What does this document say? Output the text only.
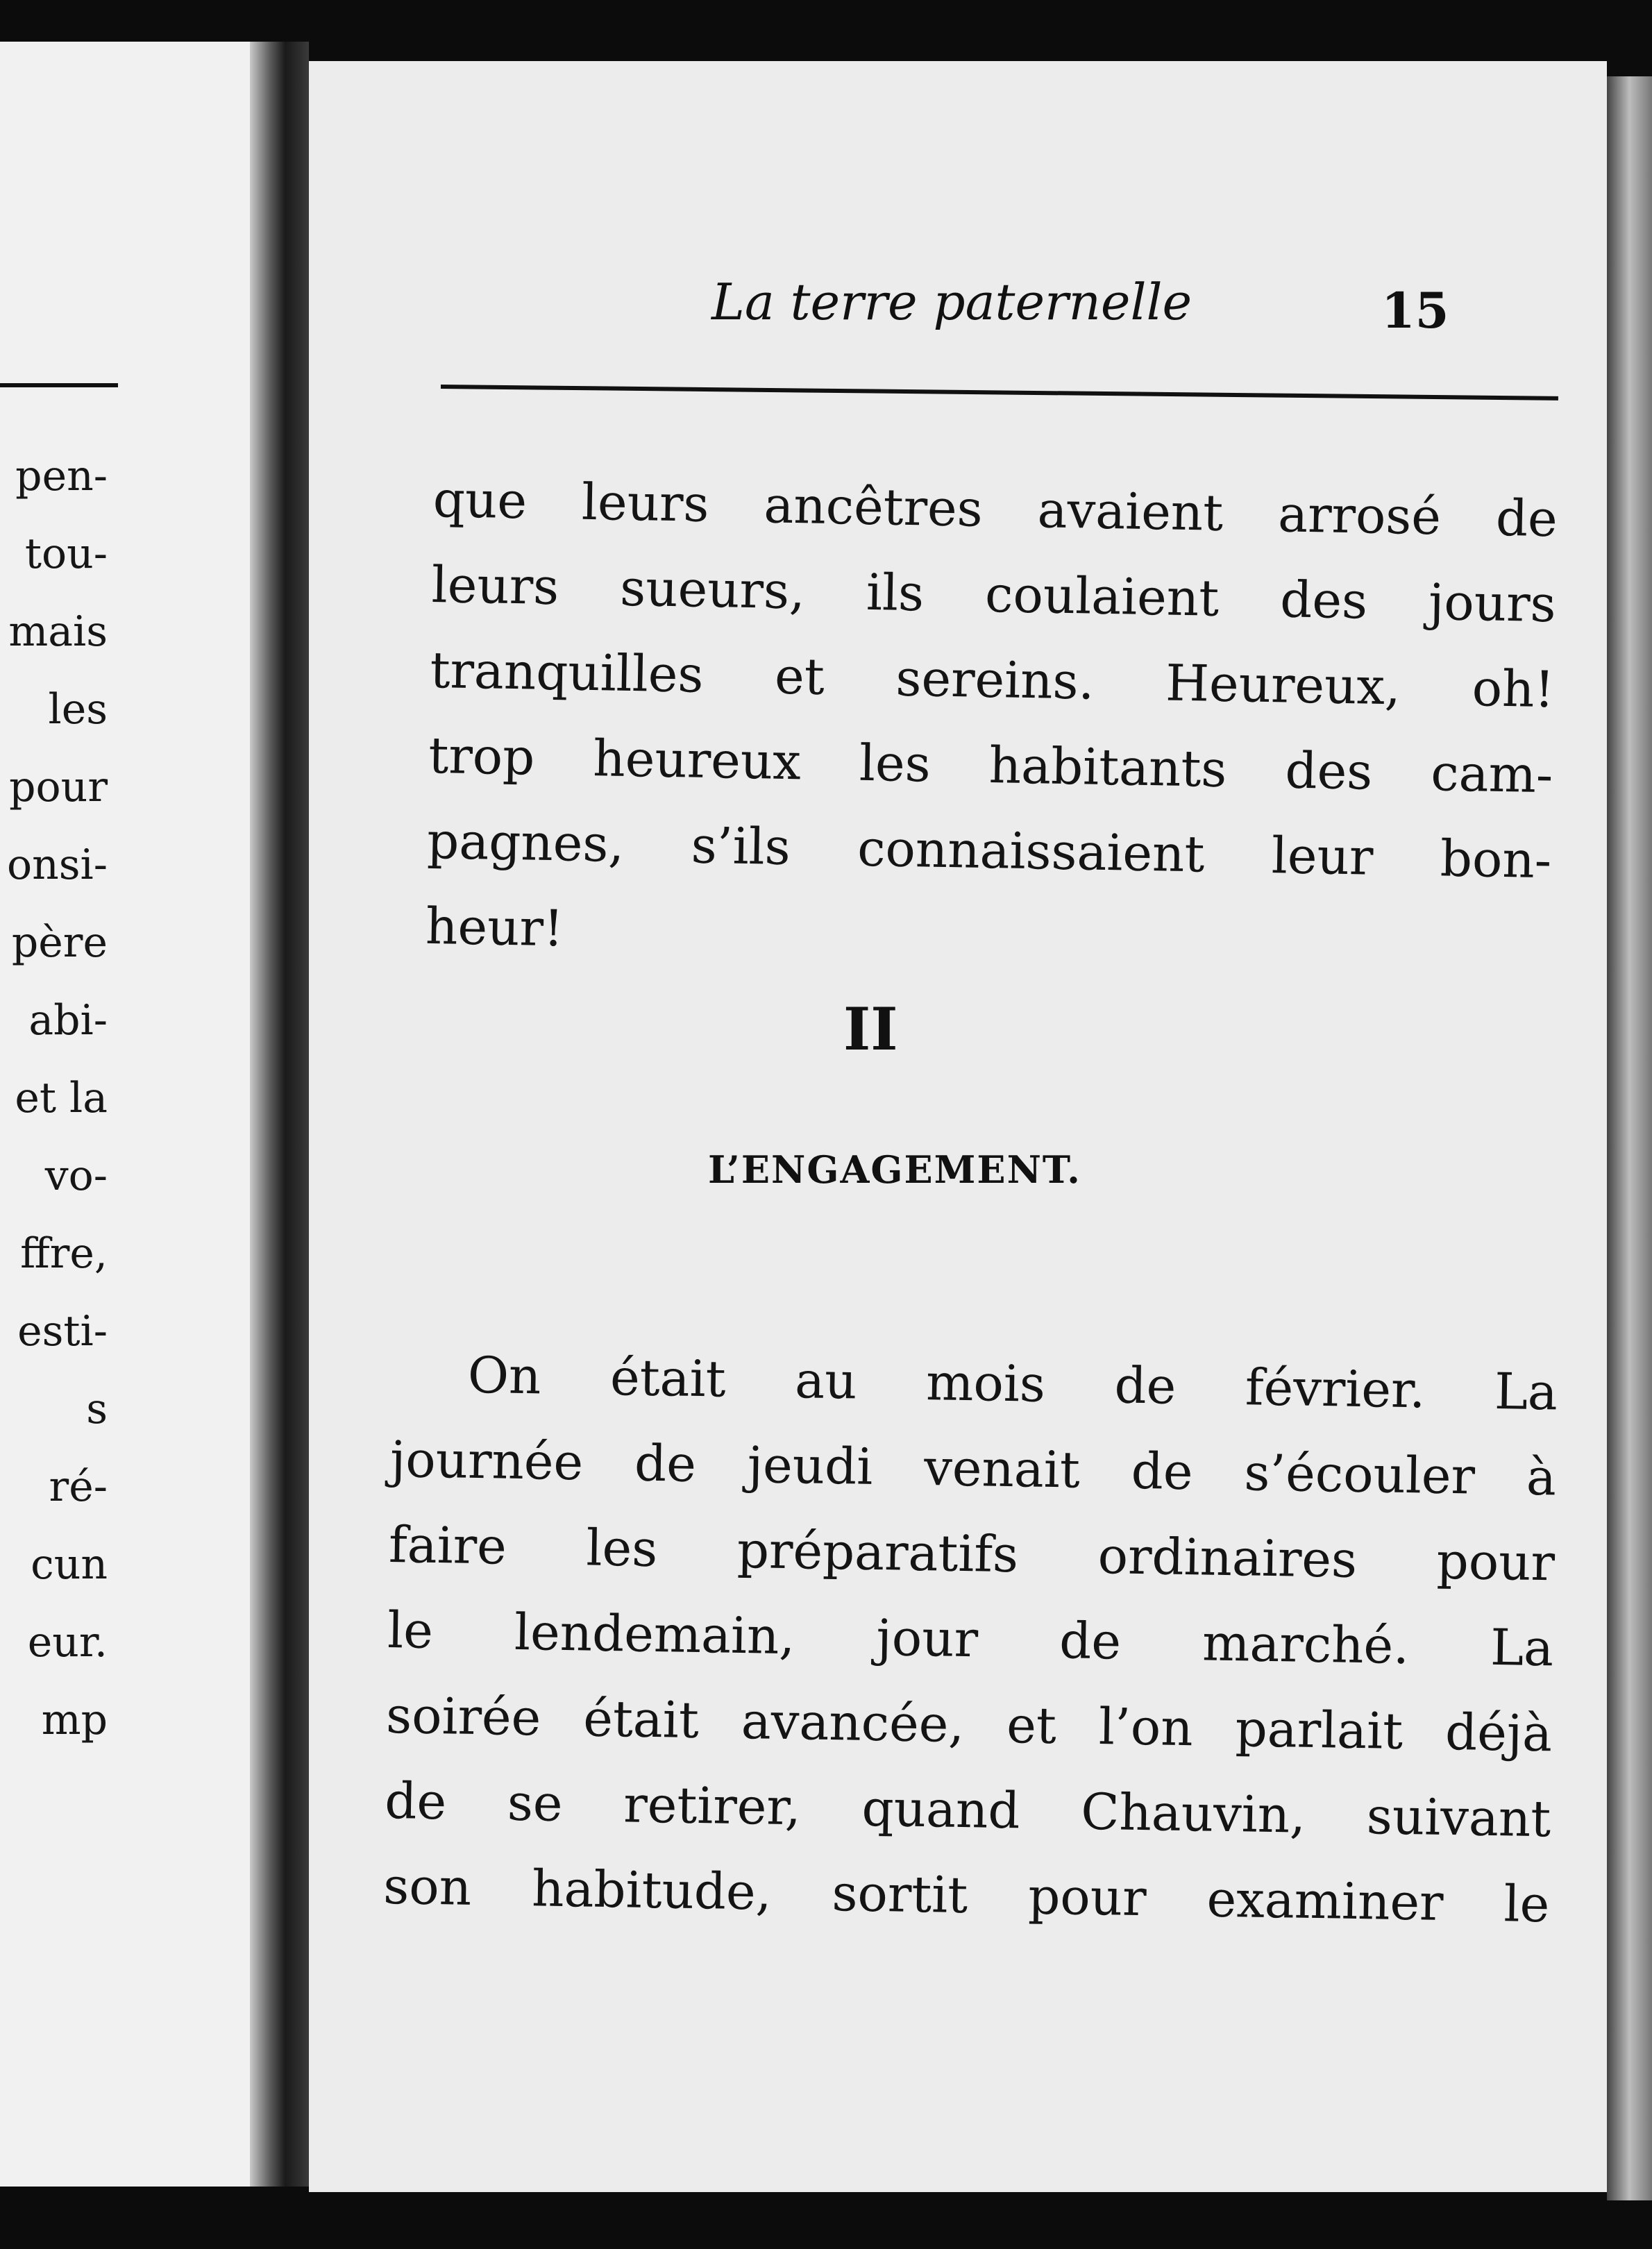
pen-
tou-
mais
les
pour
onsi-
père
abi-
et la
vo-
ffre,
esti-
s
ré-
cun
eur.
mp
La terre paternelle	15
que leurs ancêtres avaient arrosé de
leurs sueurs, ils coulaient des jours
tranquilles et sereins. Heureux, oh!
trop heureux les habitants des cam-
pagnes, s’ils connaissaient leur bon-
heur!
II
L’ENGAGEMENT.
On était au mois de février. La
journée de jeudi venait de s’écouler à
faire les préparatifs ordinaires pour
le lendemain, jour de marché. La
soirée était avancée, et l’on parlait déjà
de se retirer, quand Chauvin, suivant
son habitude, sortit pour examiner le
